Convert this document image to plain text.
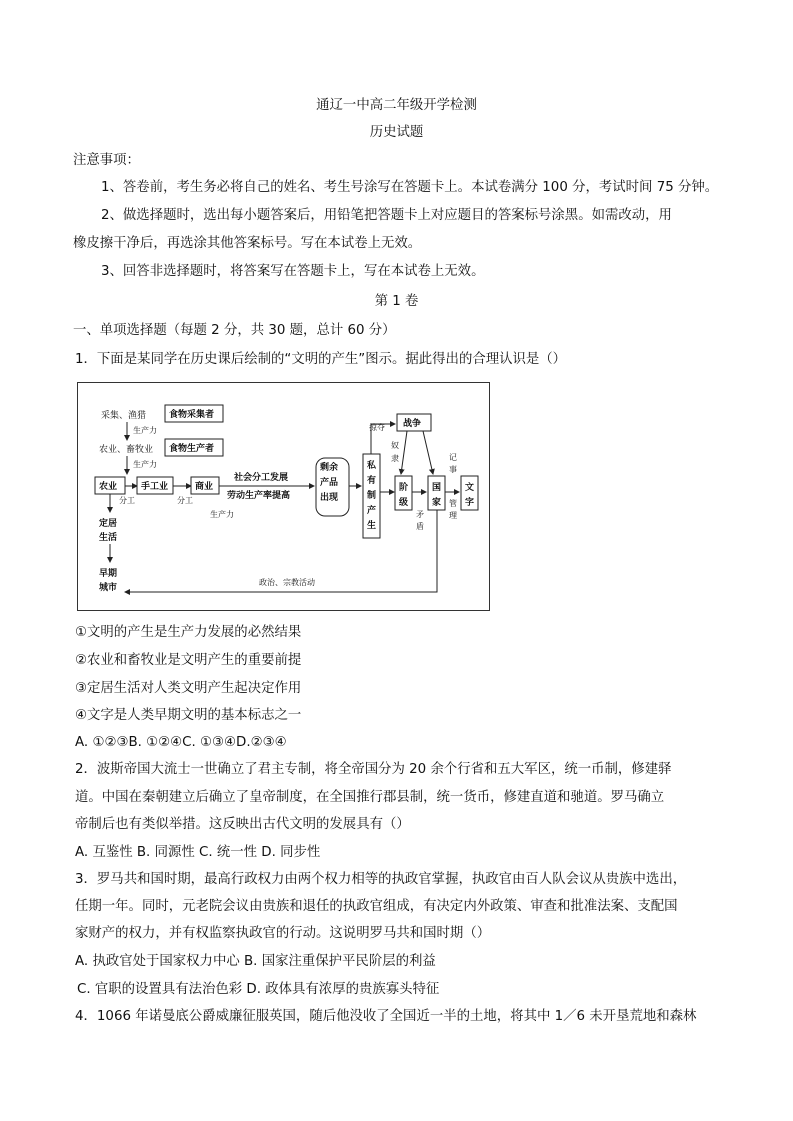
通辽一中高二年级开学检测
历史试题
注意事项：
1、答卷前，考生务必将自己的姓名、考生号涂写在答题卡上。本试卷满分 100 分，考试时间 75 分钟。
2、做选择题时，选出每小题答案后，用铅笔把答题卡上对应题目的答案标号涂黑。如需改动，用
橡皮擦干净后，再选涂其他答案标号。写在本试卷上无效。
3、回答非选择题时，将答案写在答题卡上，写在本试卷上无效。
第 1 卷
一、单项选择题（每题 2 分，共 30 题，总计 60 分）
1．下面是某同学在历史课后绘制的“文明的产生”图示。据此得出的合理认识是（）
采集、渔猎	食物采集者
生产力
农业、畜牧业 食物生产者
生产力
农业	手工业
分工	分工
商业
社会分工发展
劳动生产率提高
生产力
剩余
产品
出现
私
有
制
产
生
掠夺 战争
奴
隶
阶
级
矛
盾
国
家
记
事
管
理
文
字
定居
生活
早期
城市
政治、宗教活动
①文明的产生是生产力发展的必然结果
②农业和畜牧业是文明产生的重要前提
③定居生活对人类文明产生起决定作用
④文字是人类早期文明的基本标志之一
A. ①②③B. ①②④C. ①③④D.②③④
2．波斯帝国大流士一世确立了君主专制，将全帝国分为 20 余个行省和五大军区，统一币制，修建驿
道。中国在秦朝建立后确立了皇帝制度，在全国推行郡县制，统一货币，修建直道和驰道。罗马确立
帝制后也有类似举措。这反映出古代文明的发展具有（）
A. 互鉴性 B. 同源性 C. 统一性 D. 同步性
3．罗马共和国时期，最高行政权力由两个权力相等的执政官掌握，执政官由百人队会议从贵族中选出，
任期一年。同时，元老院会议由贵族和退任的执政官组成，有决定内外政策、审查和批准法案、支配国
家财产的权力，并有权监察执政官的行动。这说明罗马共和国时期（）
A. 执政官处于国家权力中心 B. 国家注重保护平民阶层的利益
C. 官职的设置具有法治色彩 D. 政体具有浓厚的贵族寡头特征
4．1066 年诺曼底公爵威廉征服英国，随后他没收了全国近一半的土地，将其中 1／6 未开垦荒地和森林
